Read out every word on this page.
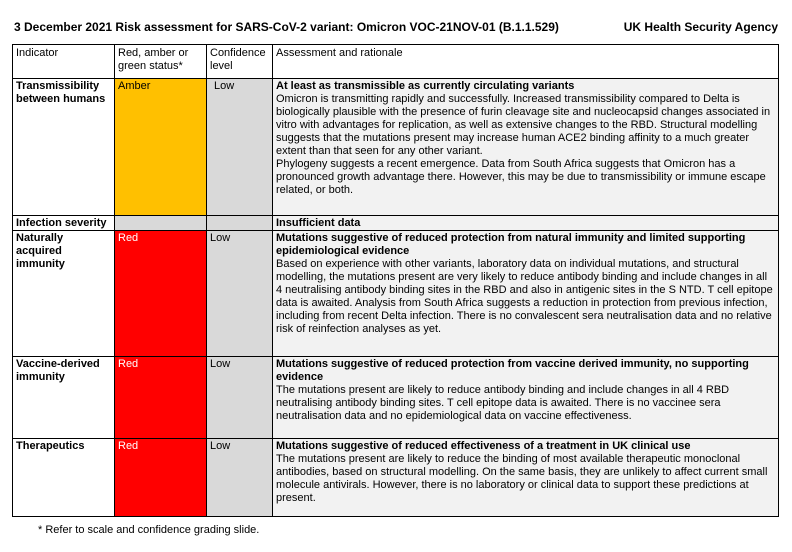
3 December 2021 Risk assessment for SARS-CoV-2 variant: Omicron VOC-21NOV-01 (B.1.1.529)	UK Health Security Agency
Indicator	Red, amber or green status*	Confidence level	Assessment and rationale
Transmissibility between humans	Amber	Low	At least as transmissible as currently circulating variants
Omicron is transmitting rapidly and successfully. Increased transmissibility compared to Delta is biologically plausible with the presence of furin cleavage site and nucleocapsid changes associated in vitro with advantages for replication, as well as extensive changes to the RBD. Structural modelling suggests that the mutations present may increase human ACE2 binding affinity to a much greater extent than that seen for any other variant.
Phylogeny suggests a recent emergence. Data from South Africa suggests that Omicron has a pronounced growth advantage there. However, this may be due to transmissibility or immune escape related, or both.

Infection severity			Insufficient data

Naturally acquired immunity	Red	Low	Mutations suggestive of reduced protection from natural immunity and limited supporting epidemiological evidence
Based on experience with other variants, laboratory data on individual mutations, and structural modelling, the mutations present are very likely to reduce antibody binding and include changes in all 4 neutralising antibody binding sites in the RBD and also in antigenic sites in the S NTD. T cell epitope data is awaited. Analysis from South Africa suggests a reduction in protection from previous infection, including from recent Delta infection. There is no convalescent sera neutralisation data and no relative risk of reinfection analyses as yet.

Vaccine-derived immunity	Red	Low	Mutations suggestive of reduced protection from vaccine derived immunity, no supporting evidence
The mutations present are likely to reduce antibody binding and include changes in all 4 RBD neutralising antibody binding sites. T cell epitope data is awaited. There is no vaccinee sera neutralisation data and no epidemiological data on vaccine effectiveness.

Therapeutics	Red	Low	Mutations suggestive of reduced effectiveness of a treatment in UK clinical use
The mutations present are likely to reduce the binding of most available therapeutic monoclonal antibodies, based on structural modelling. On the same basis, they are unlikely to affect current small molecule antivirals. However, there is no laboratory or clinical data to support these predictions at present.
* Refer to scale and confidence grading slide.
